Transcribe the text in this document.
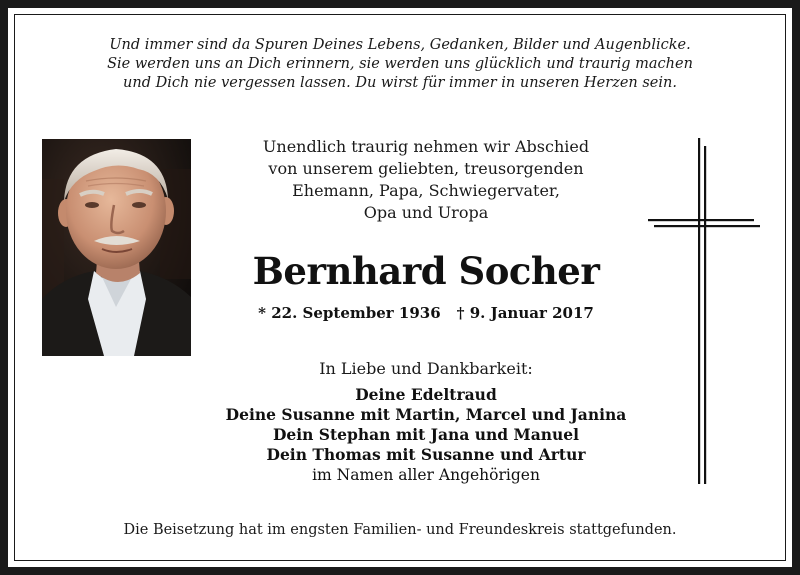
Und immer sind da Spuren Deines Lebens, Gedanken, Bilder und Augenblicke.
Sie werden uns an Dich erinnern, sie werden uns glücklich und traurig machen
und Dich nie vergessen lassen. Du wirst für immer in unseren Herzen sein.
Unendlich traurig nehmen wir Abschied
von unserem geliebten, treusorgenden
Ehemann, Papa, Schwiegervater,
Opa und Uropa
Bernhard Socher
* 22. September 1936 † 9. Januar 2017
In Liebe und Dankbarkeit:
Deine Edeltraud
Deine Susanne mit Martin, Marcel und Janina
Dein Stephan mit Jana und Manuel
Dein Thomas mit Susanne und Artur
im Namen aller Angehörigen
Die Beisetzung hat im engsten Familien- und Freundeskreis stattgefunden.
